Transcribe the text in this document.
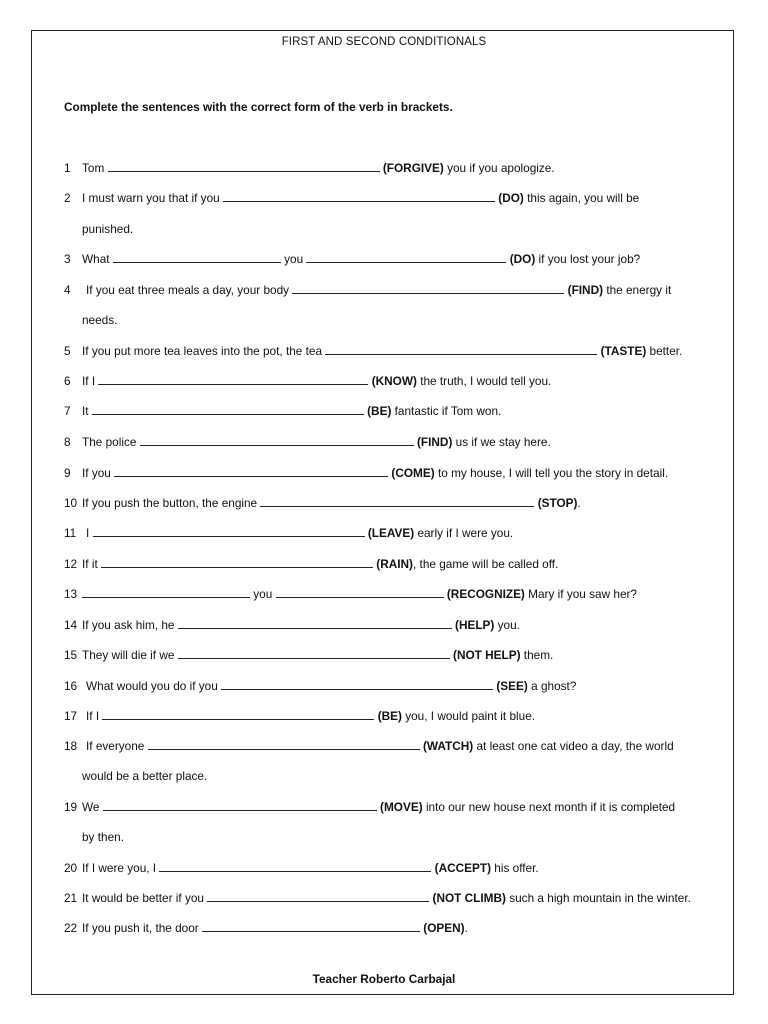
FIRST AND SECOND CONDITIONALS
Complete the sentences with the correct form of the verb in brackets.
1 Tom	(FORGIVE) you if you apologize.
2 I must warn you that if you	(DO) this again, you will be
punished.
3 What	you	(DO) if you lost your job?
4 If you eat three meals a day, your body	(FIND) the energy it
needs.
5 If you put more tea leaves into the pot, the tea	(TASTE) better.
6 If I	(KNOW) the truth, I would tell you.
7 It	(BE) fantastic if Tom won.
8 The police	(FIND) us if we stay here.
9 If you	(COME) to my house, I will tell you the story in detail.
10 If you push the button, the engine	(STOP).
11 I	(LEAVE) early if I were you.
12 If it	(RAIN), the game will be called off.
13	you	(RECOGNIZE) Mary if you saw her?
14 If you ask him, he	(HELP) you.
15 They will die if we	(NOT HELP) them.
16 What would you do if you	(SEE) a ghost?
17 If I	(BE) you, I would paint it blue.
18 If everyone	(WATCH) at least one cat video a day, the world
would be a better place.
19 We	(MOVE) into our new house next month if it is completed
by then.
20 If I were you, I	(ACCEPT) his offer.
21 It would be better if you	(NOT CLIMB) such a high mountain in the winter.
22 If you push it, the door	(OPEN).
Teacher Roberto Carbajal
